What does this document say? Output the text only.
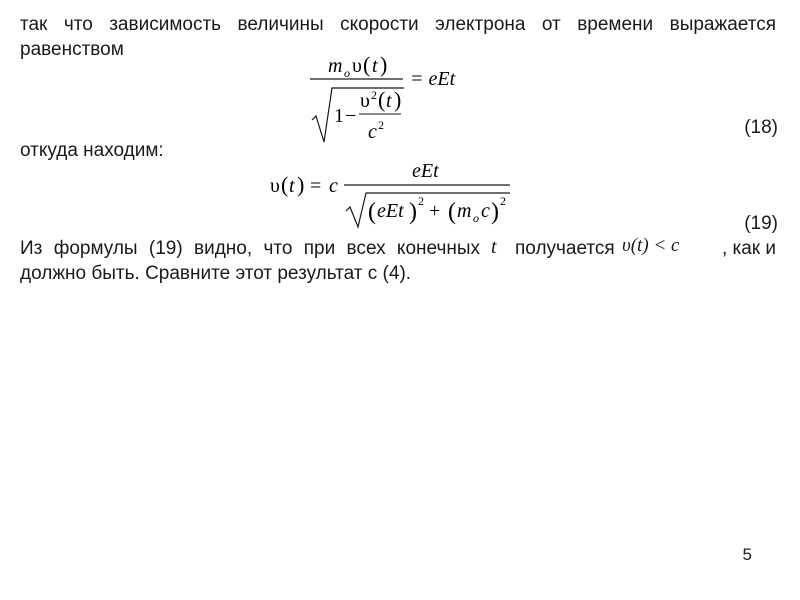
так что зависимость величины скорости электрона от времени выражается

равенством

m o υ ( t )
= eEt
1 −
υ 2 ( t )
c 2	(18)

откуда находим:

υ ( t ) = c
eEt
( eEt ) 2 + ( m o c ) 2
(19)
Из формулы (19) видно, что при всех конечных t получается υ(t) < c	, как и

должно быть. Сравните этот результат с (4).

5
